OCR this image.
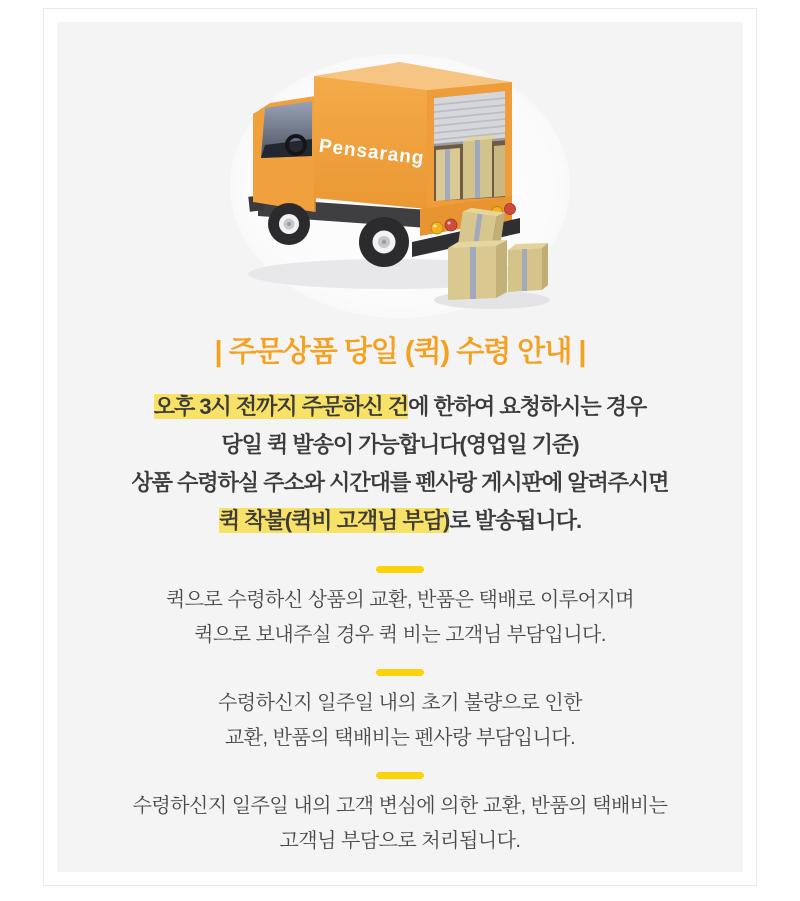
Pensarang
| 주문상품 당일 (퀵) 수령 안내 |
오후 3시 전까지 주문하신 건에 한하여 요청하시는 경우
당일 퀵 발송이 가능합니다(영업일 기준)
상품 수령하실 주소와 시간대를 펜사랑 게시판에 알려주시면
퀵 착불(퀵비 고객님 부담)로 발송됩니다.
퀵으로 수령하신 상품의 교환, 반품은 택배로 이루어지며
퀵으로 보내주실 경우 퀵 비는 고객님 부담입니다.
수령하신지 일주일 내의 초기 불량으로 인한
교환, 반품의 택배비는 펜사랑 부담입니다.
수령하신지 일주일 내의 고객 변심에 의한 교환, 반품의 택배비는
고객님 부담으로 처리됩니다.
